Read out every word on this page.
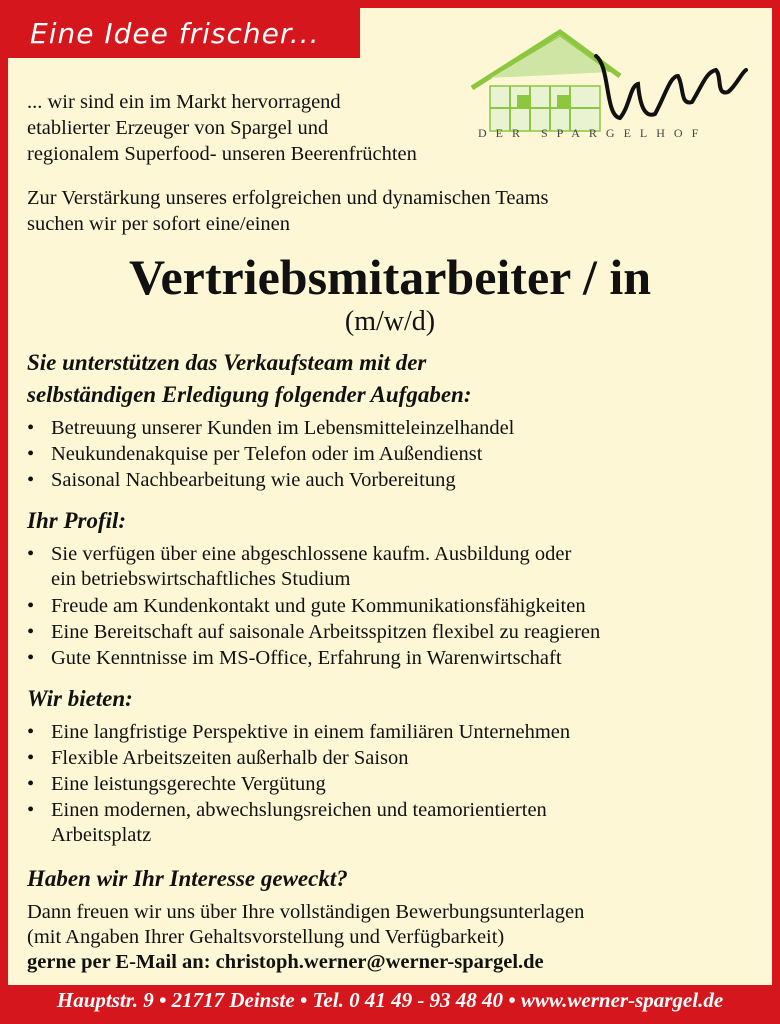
Eine Idee frischer...
DER SPARGELHOF
... wir sind ein im Markt hervorragend
etablierter Erzeuger von Spargel und
regionalem Superfood- unseren Beerenfrüchten
Zur Verstärkung unseres erfolgreichen und dynamischen Teams
suchen wir per sofort eine/einen
Vertriebsmitarbeiter / in
(m/w/d)
Sie unterstützen das Verkaufsteam mit der
selbständigen Erledigung folgender Aufgaben:
• Betreuung unserer Kunden im Lebensmitteleinzelhandel
• Neukundenakquise per Telefon oder im Außendienst
• Saisonal Nachbearbeitung wie auch Vorbereitung
Ihr Profil:
• Sie verfügen über eine abgeschlossene kaufm. Ausbildung oder
ein betriebswirtschaftliches Studium
• Freude am Kundenkontakt und gute Kommunikationsfähigkeiten
• Eine Bereitschaft auf saisonale Arbeitsspitzen flexibel zu reagieren
• Gute Kenntnisse im MS-Office, Erfahrung in Warenwirtschaft
Wir bieten:
• Eine langfristige Perspektive in einem familiären Unternehmen
• Flexible Arbeitszeiten außerhalb der Saison
• Eine leistungsgerechte Vergütung
• Einen modernen, abwechslungsreichen und teamorientierten
Arbeitsplatz
Haben wir Ihr Interesse geweckt?
Dann freuen wir uns über Ihre vollständigen Bewerbungsunterlagen
(mit Angaben Ihrer Gehaltsvorstellung und Verfügbarkeit)
gerne per E-Mail an: christoph.werner@werner-spargel.de
Hauptstr. 9 • 21717 Deinste • Tel. 0 41 49 - 93 48 40 • www.werner-spargel.de
